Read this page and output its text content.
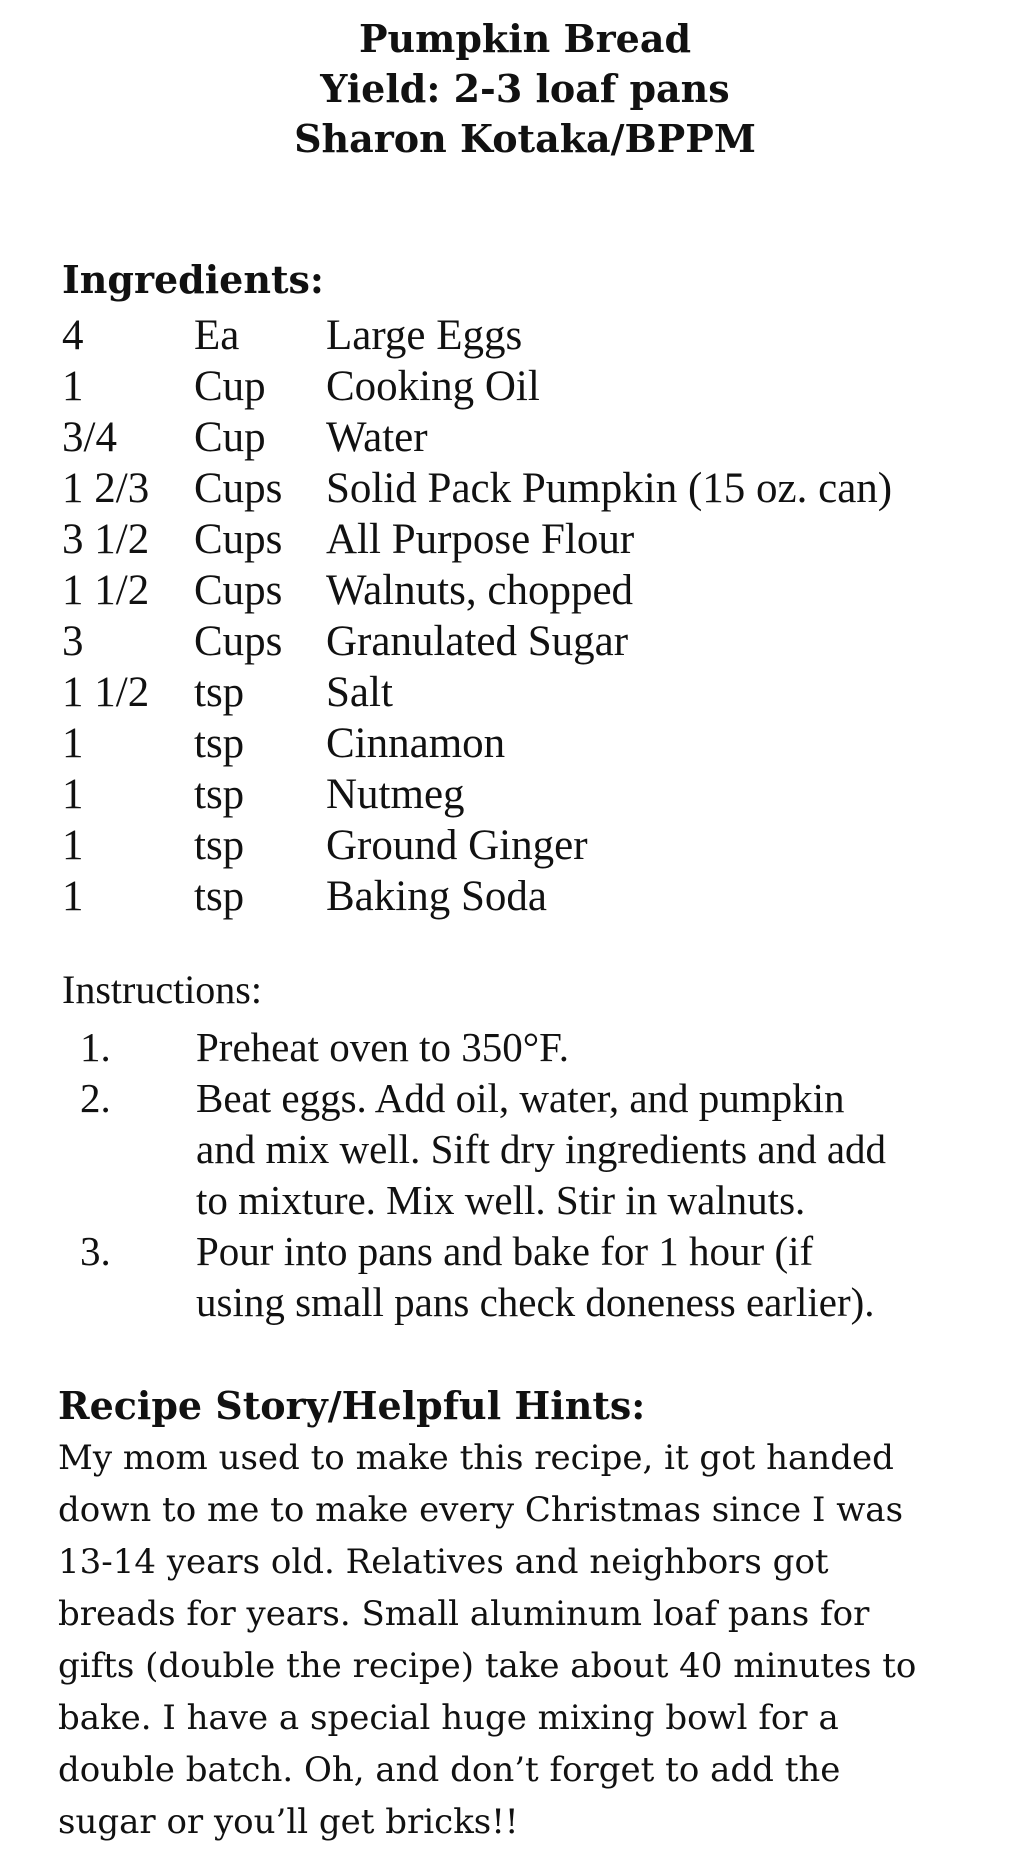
Pumpkin Bread
Yield: 2-3 loaf pans
Sharon Kotaka/BPPM
Ingredients:
4	Ea Large Eggs
1	Cup Cooking Oil
3/4 Cup Water
1 2/3 Cups Solid Pack Pumpkin (15 oz. can)
3 1/2 Cups All Purpose Flour
1 1/2 Cups Walnuts, chopped
3	Cups Granulated Sugar
1 1/2 tsp Salt
1	tsp Cinnamon
1	tsp Nutmeg
1	tsp Ground Ginger
1	tsp Baking Soda
Instructions:
1. Preheat oven to 350°F.
2. Beat eggs. Add oil, water, and pumpkin
and mix well. Sift dry ingredients and add
to mixture. Mix well. Stir in walnuts.
3. Pour into pans and bake for 1 hour (if
using small pans check doneness earlier).
Recipe Story/Helpful Hints:
My mom used to make this recipe, it got handed
down to me to make every Christmas since I was
13-14 years old. Relatives and neighbors got
breads for years. Small aluminum loaf pans for
gifts (double the recipe) take about 40 minutes to
bake. I have a special huge mixing bowl for a
double batch. Oh, and don’t forget to add the
sugar or you’ll get bricks!!
